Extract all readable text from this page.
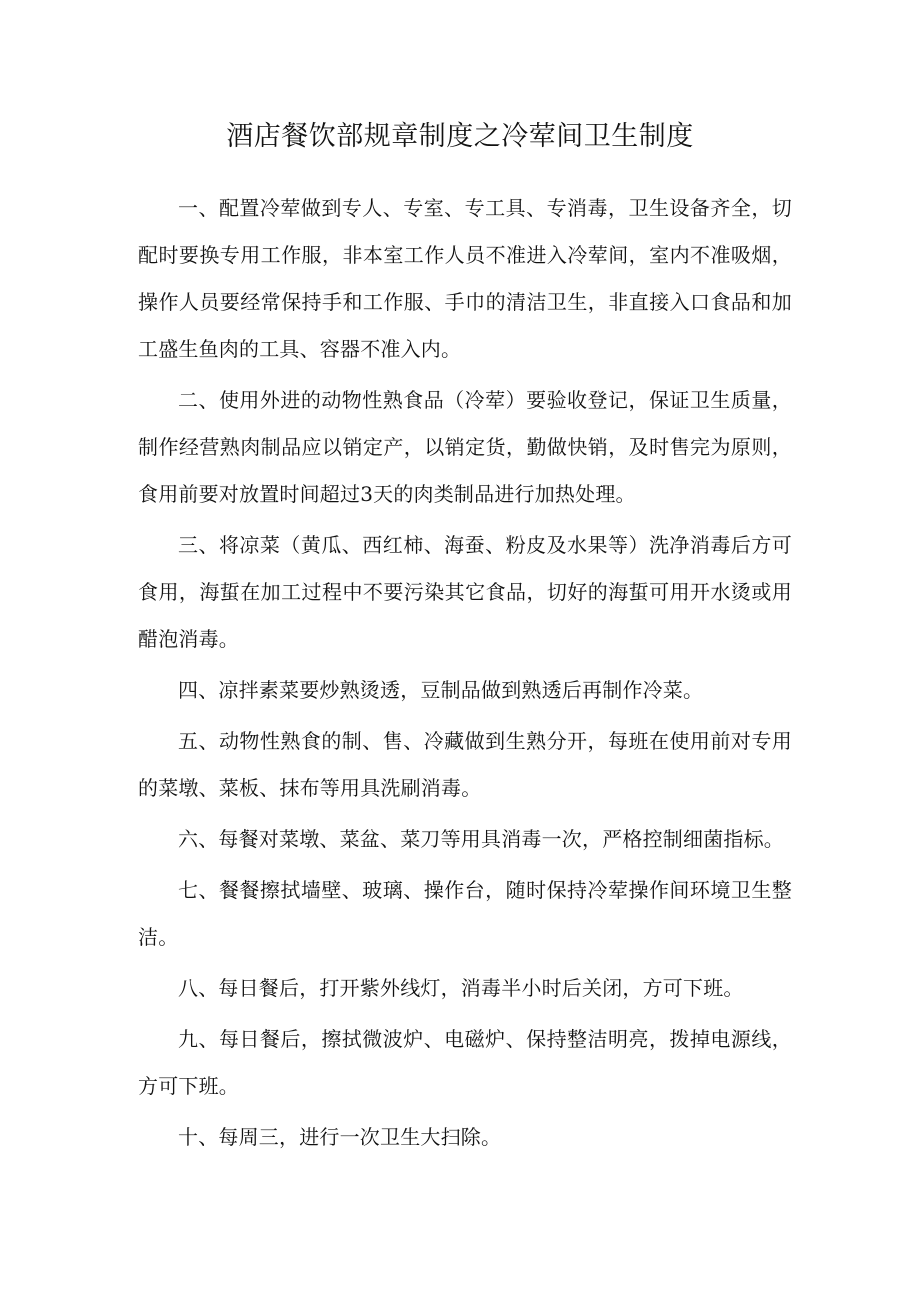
酒店餐饮部规章制度之冷荤间卫生制度

一、配置冷荤做到专人、专室、专工具、专消毒，卫生设备齐全，切配时要换专用工作服，非本室工作人员不准进入冷荤间，室内不准吸烟，操作人员要经常保持手和工作服、手巾的清洁卫生，非直接入口食品和加工盛生鱼肉的工具、容器不准入内。

二、使用外进的动物性熟食品（冷荤）要验收登记，保证卫生质量，制作经营熟肉制品应以销定产，以销定货，勤做快销，及时售完为原则，食用前要对放置时间超过3天的肉类制品进行加热处理。

三、将凉菜（黄瓜、西红柿、海蚕、粉皮及水果等）洗净消毒后方可食用，海蜇在加工过程中不要污染其它食品，切好的海蜇可用开水烫或用醋泡消毒。

四、凉拌素菜要炒熟烫透，豆制品做到熟透后再制作冷菜。

五、动物性熟食的制、售、冷藏做到生熟分开，每班在使用前对专用的菜墩、菜板、抹布等用具洗刷消毒。

六、每餐对菜墩、菜盆、菜刀等用具消毒一次，严格控制细菌指标。

七、餐餐擦拭墙壁、玻璃、操作台，随时保持冷荤操作间环境卫生整洁。

八、每日餐后，打开紫外线灯，消毒半小时后关闭，方可下班。

九、每日餐后，擦拭微波炉、电磁炉、保持整洁明亮，拨掉电源线，方可下班。

十、每周三，进行一次卫生大扫除。
